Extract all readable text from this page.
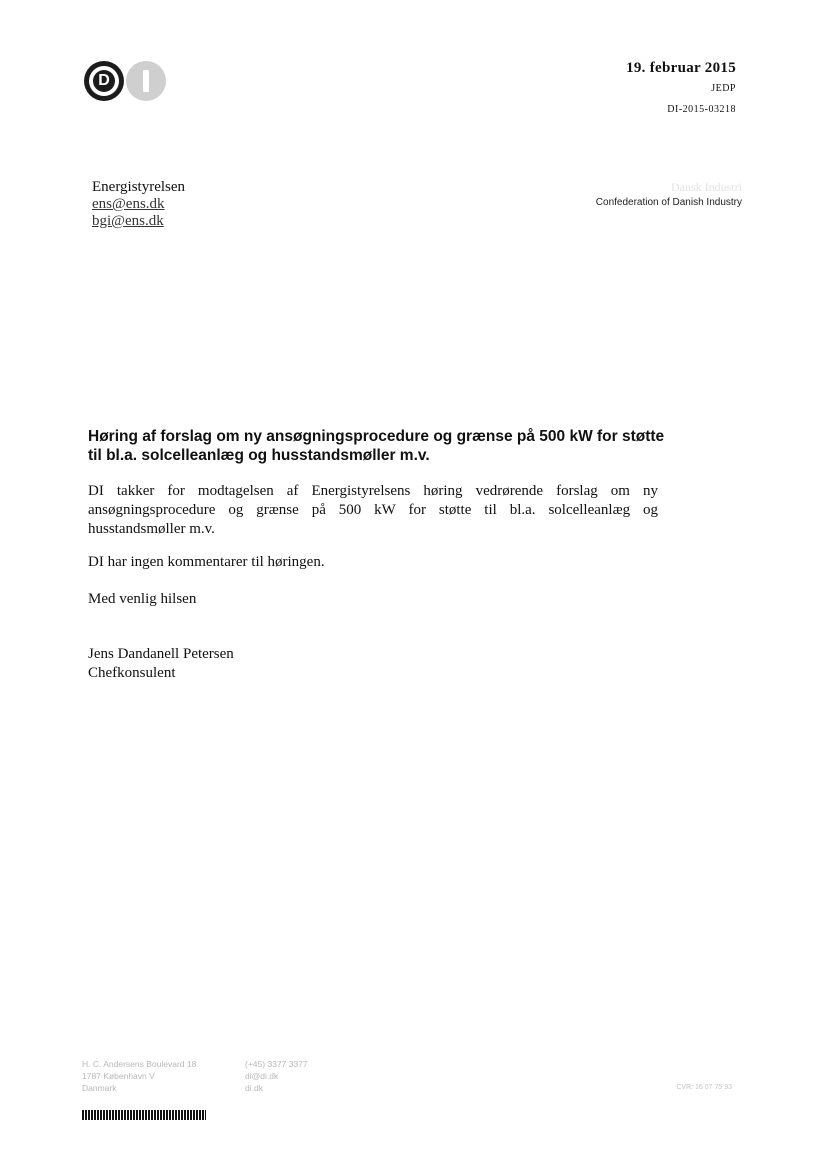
D
19. februar 2015
JEDP
DI-2015-03218
Energistyrelsen
ens@ens.dk
bgi@ens.dk
Dansk Industri
Confederation of Danish Industry
Høring af forslag om ny ansøgningsprocedure og grænse på 500 kW for støtte til bl.a. solcelleanlæg og husstandsmøller m.v.
DI takker for modtagelsen af Energistyrelsens høring vedrørende forslag om ny ansøgningsprocedure og grænse på 500 kW for støtte til bl.a. solcelleanlæg og husstandsmøller m.v.
DI har ingen kommentarer til høringen.
Med venlig hilsen
Jens Dandanell Petersen
Chefkonsulent
H. C. Andersens Boulevard 18
1787 København V
Danmark
(+45) 3377 3377
di@di.dk
di.dk	CVR: 16 07 75 93
